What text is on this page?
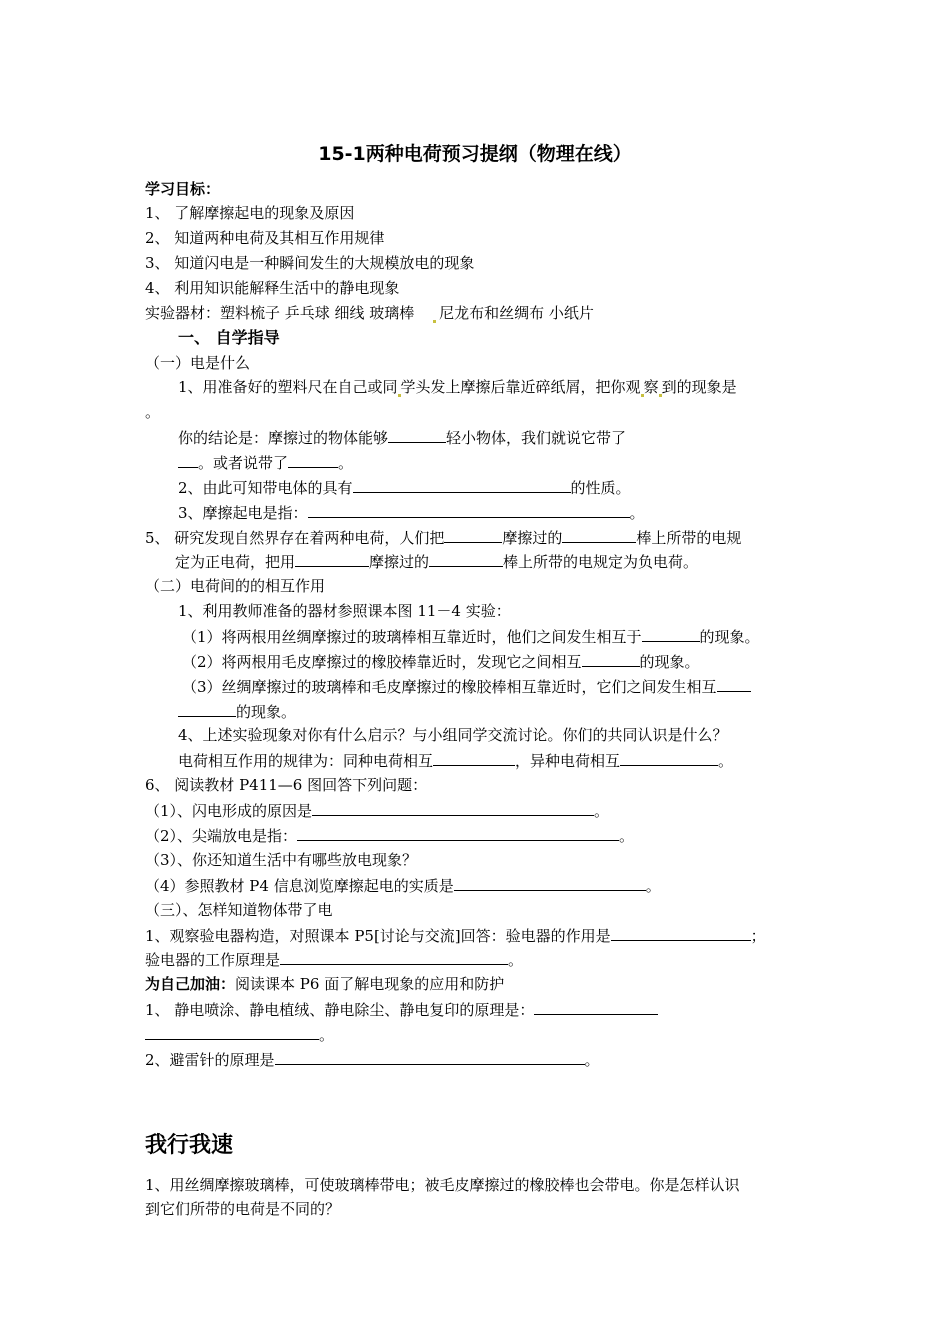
15-1两种电荷预习提纲（物理在线）
学习目标：
1、 了解摩擦起电的现象及原因
2、 知道两种电荷及其相互作用规律
3、 知道闪电是一种瞬间发生的大规模放电的现象
4、 利用知识能解释生活中的静电现象
实验器材：塑料梳子 乒乓球 细线 玻璃棒 尼龙布和丝绸布 小纸片
一、 自学指导
（一）电是什么
1、用准备好的塑料尺在自己或同 学头发上摩擦后靠近碎纸屑，把你观 察 到的现象是
。
你的结论是：摩擦过的物体能够	轻小物体，我们就说它带了
。或者说带了	。
2、由此可知带电体的具有	的性质。
3、摩擦起电是指：	。
5、 研究发现自然界存在着两种电荷，人们把	摩擦过的	棒上所带的电规
定为正电荷，把用	摩擦过的	棒上所带的电规定为负电荷。
（二）电荷间的的相互作用
1、利用教师准备的器材参照课本图 11－4 实验：
（1）将两根用丝绸摩擦过的玻璃棒相互靠近时，他们之间发生相互于	的现象。
（2）将两根用毛皮摩擦过的橡胶棒靠近时，发现它之间相互	的现象。
（3）丝绸摩擦过的玻璃棒和毛皮摩擦过的橡胶棒相互靠近时，它们之间发生相互
的现象。
4、上述实验现象对你有什么启示？与小组同学交流讨论。你们的共同认识是什么？
电荷相互作用的规律为：同种电荷相互	，异种电荷相互	。
6、 阅读教材 P411—6 图回答下列问题：
（1）、闪电形成的原因是	。
（2）、尖端放电是指：	。
（3）、你还知道生活中有哪些放电现象？
（4）参照教材 P4 信息浏览摩擦起电的实质是	。
（三）、怎样知道物体带了电
1、观察验电器构造，对照课本 P5[讨论与交流]回答：验电器的作用是	；
验电器的工作原理是	。
为自己加油：阅读课本 P6 面了解电现象的应用和防护
1、 静电喷涂、静电植绒、静电除尘、静电复印的原理是：
。
2、避雷针的原理是	。
我行我速
1、用丝绸摩擦玻璃棒，可使玻璃棒带电；被毛皮摩擦过的橡胶棒也会带电。你是怎样认识
到它们所带的电荷是不同的？
